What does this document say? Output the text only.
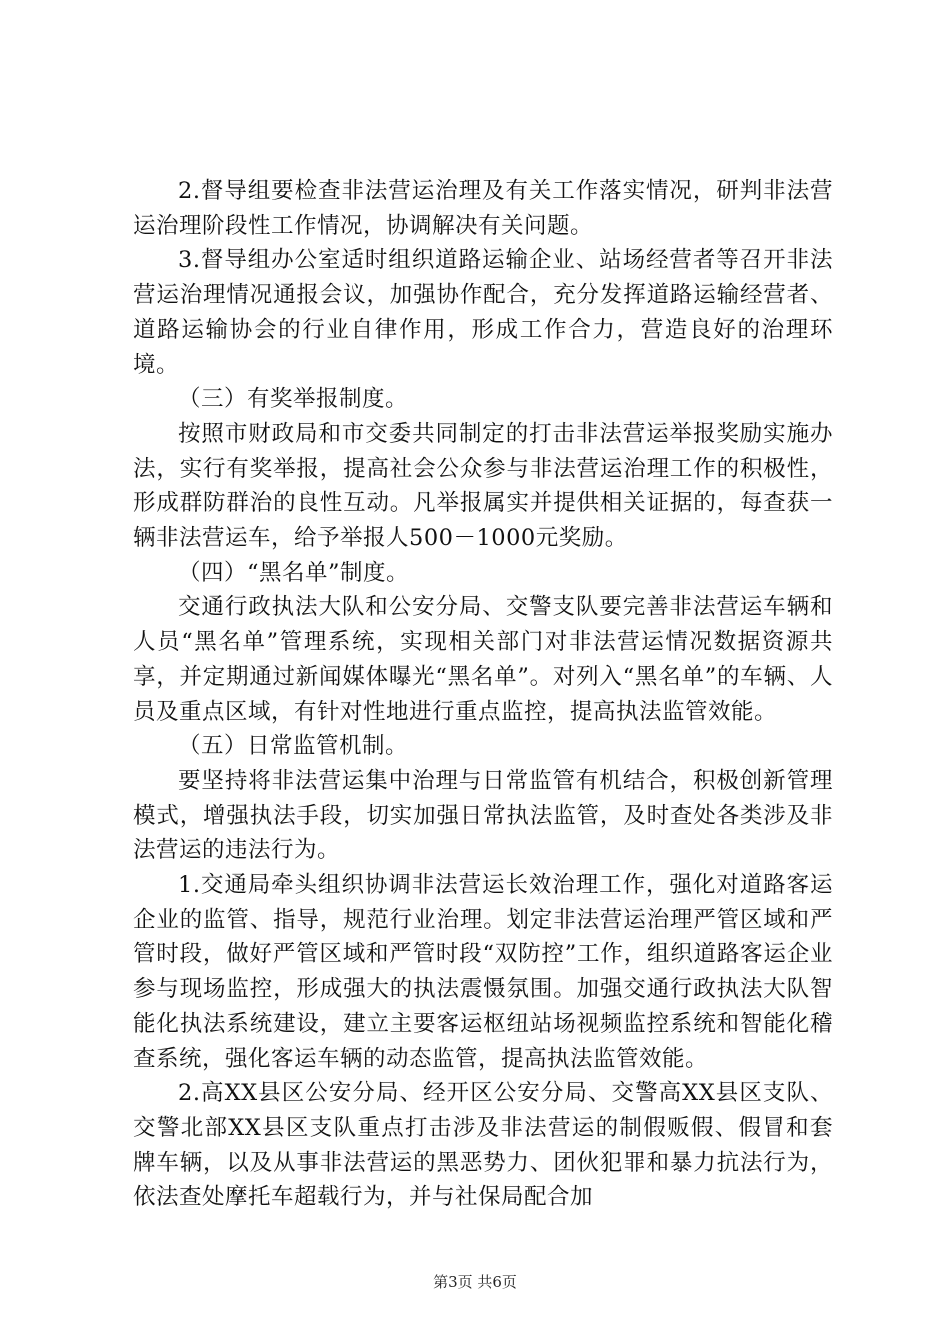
2.督导组要检查非法营运治理及有关工作落实情况，研判非法营运治理阶段性工作情况，协调解决有关问题。

3.督导组办公室适时组织道路运输企业、站场经营者等召开非法营运治理情况通报会议，加强协作配合，充分发挥道路运输经营者、道路运输协会的行业自律作用，形成工作合力，营造良好的治理环境。

（三）有奖举报制度。

按照市财政局和市交委共同制定的打击非法营运举报奖励实施办法，实行有奖举报，提高社会公众参与非法营运治理工作的积极性，形成群防群治的良性互动。凡举报属实并提供相关证据的，每查获一辆非法营运车，给予举报人500－1000元奖励。

（四）“黑名单”制度。

交通行政执法大队和公安分局、交警支队要完善非法营运车辆和人员“黑名单”管理系统，实现相关部门对非法营运情况数据资源共享，并定期通过新闻媒体曝光“黑名单”。对列入“黑名单”的车辆、人员及重点区域，有针对性地进行重点监控，提高执法监管效能。

（五）日常监管机制。

要坚持将非法营运集中治理与日常监管有机结合，积极创新管理模式，增强执法手段，切实加强日常执法监管，及时查处各类涉及非法营运的违法行为。

1.交通局牵头组织协调非法营运长效治理工作，强化对道路客运企业的监管、指导，规范行业治理。划定非法营运治理严管区域和严管时段，做好严管区域和严管时段“双防控”工作，组织道路客运企业参与现场监控，形成强大的执法震慑氛围。加强交通行政执法大队智能化执法系统建设，建立主要客运枢纽站场视频监控系统和智能化稽查系统，强化客运车辆的动态监管，提高执法监管效能。

2.高XX县区公安分局、经开区公安分局、交警高XX县区支队、交警北部XX县区支队重点打击涉及非法营运的制假贩假、假冒和套牌车辆，以及从事非法营运的黑恶势力、团伙犯罪和暴力抗法行为，依法查处摩托车超载行为，并与社保局配合加

第3页 共6页
